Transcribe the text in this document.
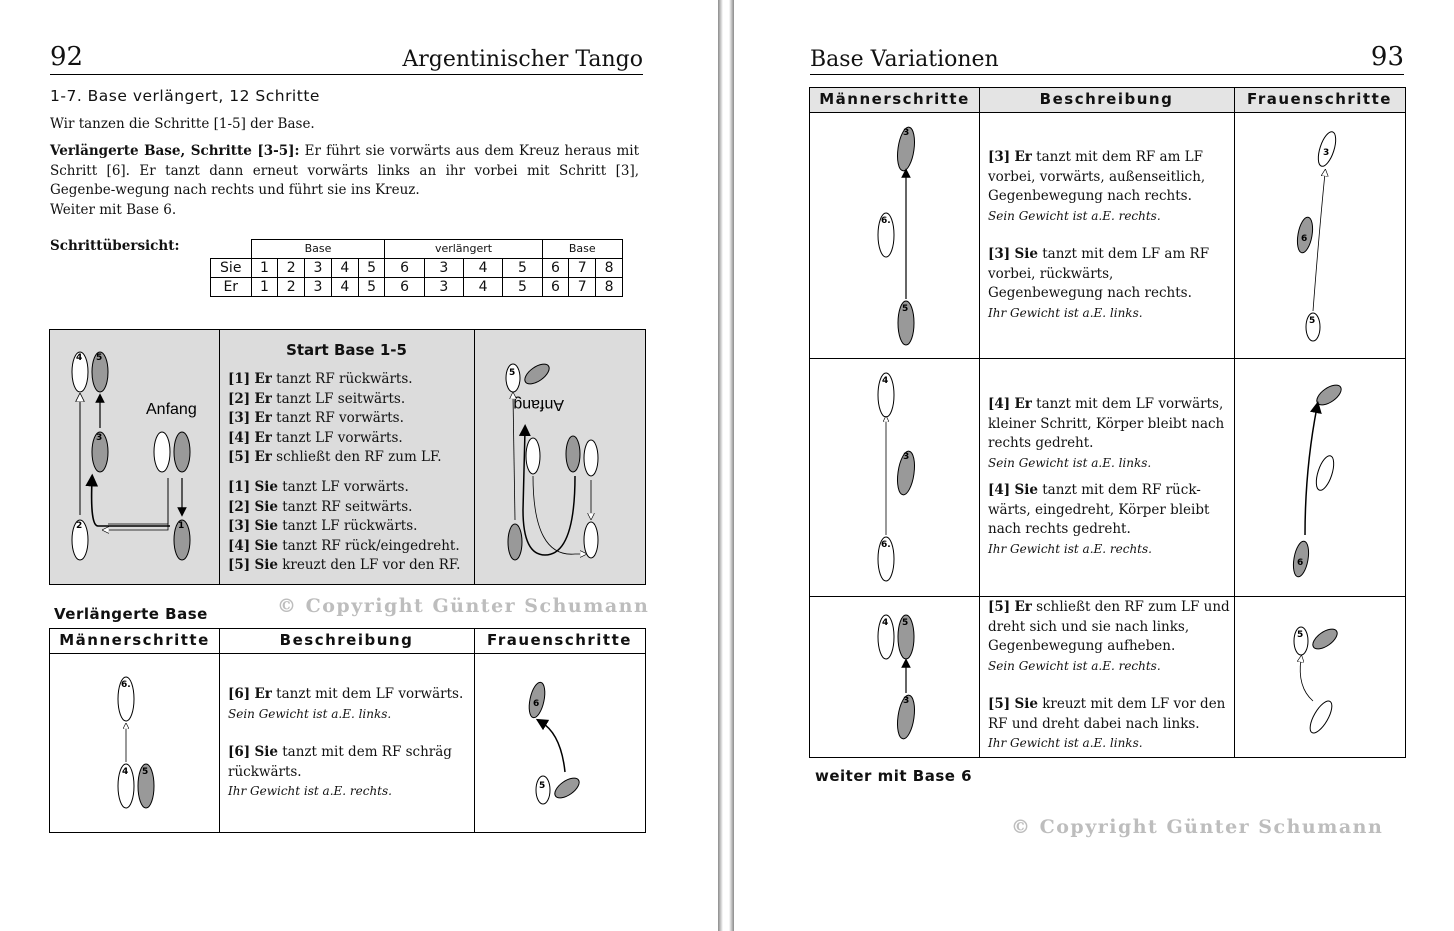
92	Argentinischer Tango
1-7. Base verlängert, 12 Schritte
Wir tanzen die Schritte [1-5] der Base.
Verlängerte Base, Schritte [3-5]: Er führt sie vorwärts aus dem Kreuz heraus mit Schritt [6]. Er tanzt dann erneut vorwärts links an ihr vorbei mit Schritt [3], Gegenbe-wegung nach rechts und führt sie ins Kreuz.
Weiter mit Base 6.
Schrittübersicht:
		Base					verlängert				Base		
Sie	1	2	3	4	5	6	3	4	5	6	7	8
Er	1	2	3	4	5	6	3	4	5	6	7	8
4 5
3
2	1
Anfang
Start Base 1-5
[1] Er tanzt RF rückwärts.
[2] Er tanzt LF seitwärts.
[3] Er tanzt RF vorwärts.
[4] Er tanzt LF vorwärts.
[5] Er schließt den RF zum LF.
[1] Sie tanzt LF vorwärts.
[2] Sie tanzt RF seitwärts.
[3] Sie tanzt LF rückwärts.
[4] Sie tanzt RF rück/eingedreht.
[5] Sie kreuzt den LF vor den RF.
5
Anfang
Verlängerte Base	© Copyright Günter Schumann
Männerschritte	Beschreibung	Frauenschritte
6.
4 5
[6] Er tanzt mit dem LF vorwärts.
Sein Gewicht ist a.E. links.
[6] Sie tanzt mit dem RF schräg rückwärts.
Ihr Gewicht ist a.E. rechts.
6
5
Base Variationen	93
Männerschritte	Beschreibung	Frauenschritte
3
6.
5
[3] Er tanzt mit dem RF am LF vorbei, vorwärts, außenseitlich, Gegenbewegung nach rechts.
Sein Gewicht ist a.E. rechts.
[3] Sie tanzt mit dem LF am RF vorbei, rückwärts, Gegenbewegung nach rechts.
Ihr Gewicht ist a.E. links.
3
6
5
4
3
6.
[4] Er tanzt mit dem LF vorwärts, kleiner Schritt, Körper bleibt nach rechts gedreht.
Sein Gewicht ist a.E. links.
[4] Sie tanzt mit dem RF rück-wärts, eingedreht, Körper bleibt nach rechts gedreht.
Ihr Gewicht ist a.E. rechts.
6
4 5
3
[5] Er schließt den RF zum LF und dreht sich und sie nach links, Gegenbewegung aufheben.
Sein Gewicht ist a.E. rechts.
[5] Sie kreuzt mit dem LF vor den RF und dreht dabei nach links.
Ihr Gewicht ist a.E. links.
5
weiter mit Base 6
© Copyright Günter Schumann
